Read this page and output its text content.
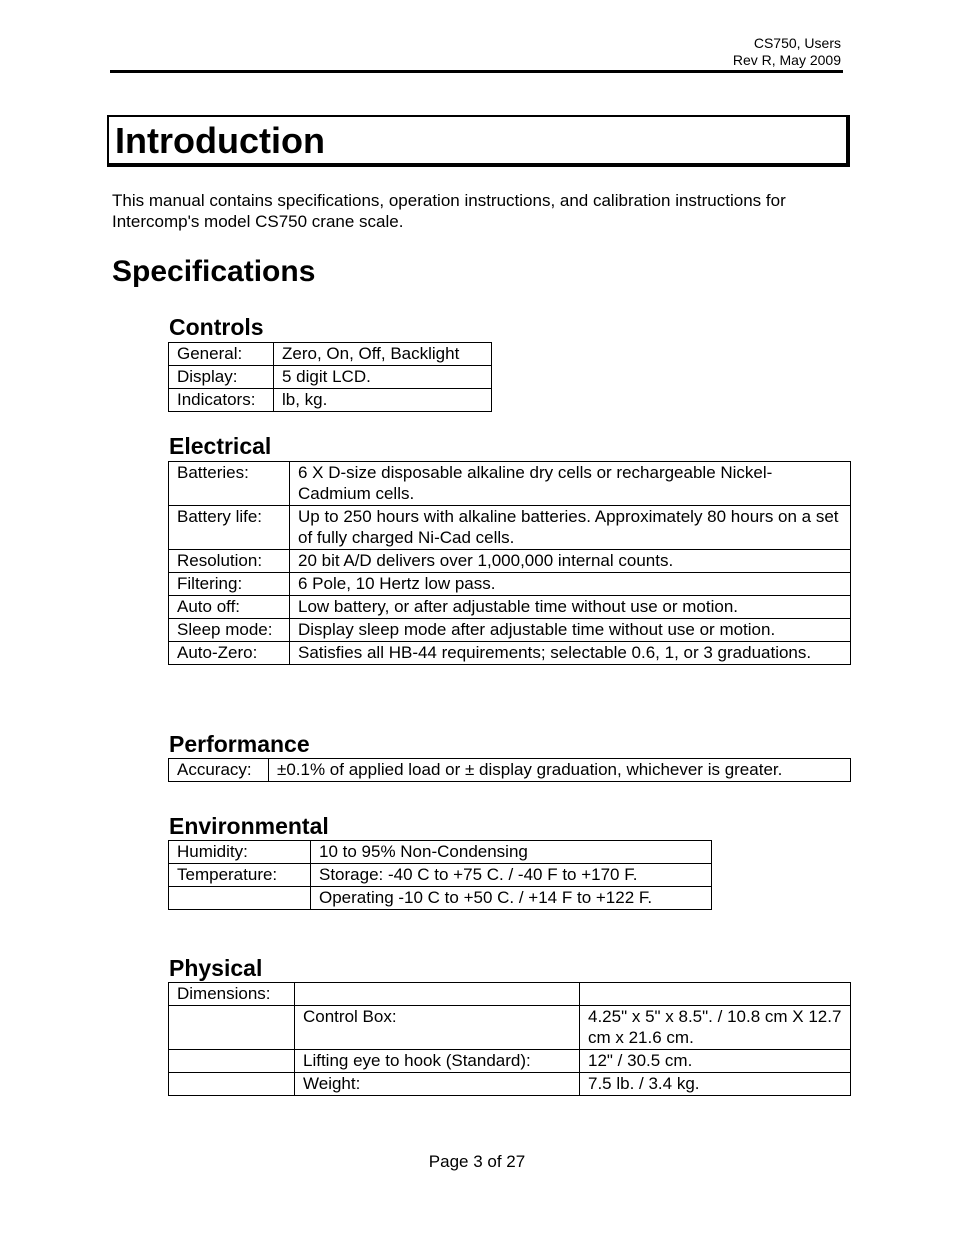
CS750, Users
Rev R, May 2009
Introduction
This manual contains specifications, operation instructions, and calibration instructions for Intercomp's model CS750 crane scale.
Specifications
Controls
General:	Zero, On, Off, Backlight
Display:	5 digit LCD.
Indicators:	lb, kg.
Electrical
Batteries:	6 X D-size disposable alkaline dry cells or rechargeable Nickel-Cadmium cells.
Battery life:	Up to 250 hours with alkaline batteries. Approximately 80 hours on a set of fully charged Ni-Cad cells.
Resolution:	20 bit A/D delivers over 1,000,000 internal counts.
Filtering:	6 Pole, 10 Hertz low pass.
Auto off:	Low battery, or after adjustable time without use or motion.
Sleep mode:	Display sleep mode after adjustable time without use or motion.
Auto-Zero:	Satisfies all HB-44 requirements; selectable 0.6, 1, or 3 graduations.
Performance
Accuracy:	±0.1% of applied load or ± display graduation, whichever is greater.
Environmental
Humidity:	10 to 95% Non-Condensing
Temperature:	Storage: -40 C to +75 C. / -40 F to +170 F.
	Operating -10 C to +50 C. / +14 F to +122 F.
Physical
Dimensions:		
	Control Box:	4.25" x 5" x 8.5". / 10.8 cm X 12.7 cm x 21.6 cm.
	Lifting eye to hook (Standard):	12" / 30.5 cm.
	Weight:	7.5 lb. / 3.4 kg.
Page 3 of 27
